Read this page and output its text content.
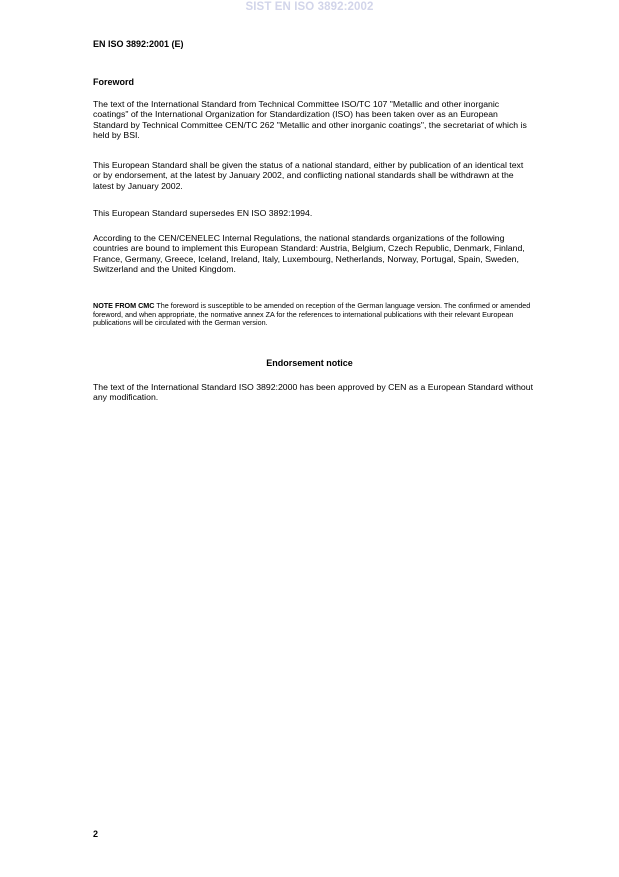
SIST EN ISO 3892:2002
EN ISO 3892:2001 (E)
Foreword
The text of the International Standard from Technical Committee ISO/TC 107 "Metallic and other inorganic coatings" of the International Organization for Standardization (ISO) has been taken over as an European Standard by Technical Committee CEN/TC 262 "Metallic and other inorganic coatings", the secretariat of which is held by BSI.
This European Standard shall be given the status of a national standard, either by publication of an identical text or by endorsement, at the latest by January 2002, and conflicting national standards shall be withdrawn at the latest by January 2002.
This European Standard supersedes EN ISO 3892:1994.
According to the CEN/CENELEC Internal Regulations, the national standards organizations of the following countries are bound to implement this European Standard: Austria, Belgium, Czech Republic, Denmark, Finland, France, Germany, Greece, Iceland, Ireland, Italy, Luxembourg, Netherlands, Norway, Portugal, Spain, Sweden, Switzerland and the United Kingdom.
NOTE FROM CMC The foreword is susceptible to be amended on reception of the German language version. The confirmed or amended foreword, and when appropriate, the normative annex ZA for the references to international publications with their relevant European publications will be circulated with the German version.
Endorsement notice
The text of the International Standard ISO 3892:2000 has been approved by CEN as a European Standard without any modification.
2
